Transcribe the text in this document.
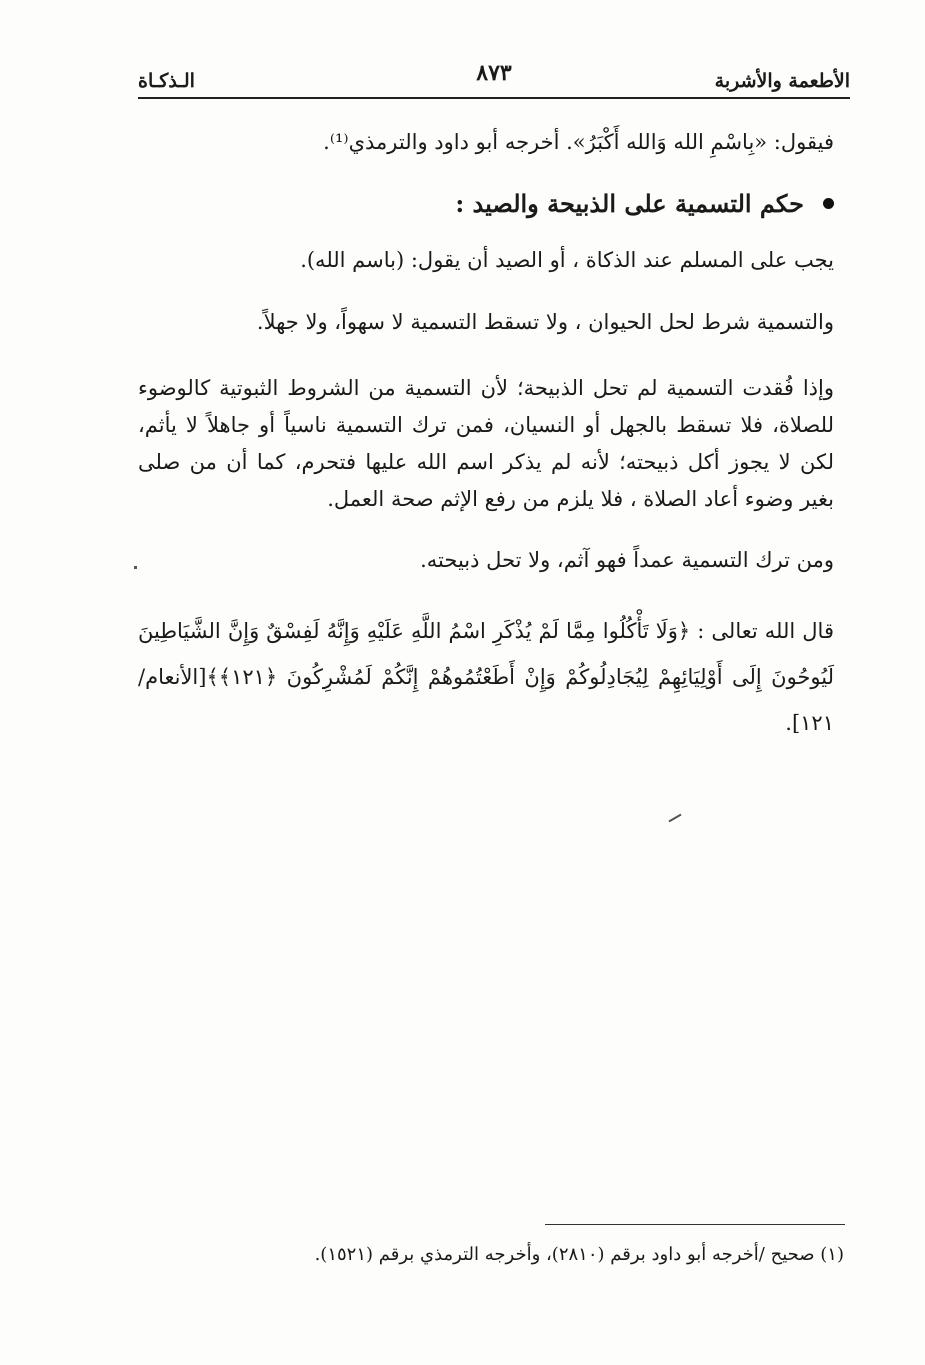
الأطعمة والأشربة
٨٧٣
الـذكـاة

فيقول: «بِاسْمِ الله وَالله أَكْبَرُ». أخرجه أبو داود والترمذي⁽¹⁾.

حكم التسمية على الذبيحة والصيد :

يجب على المسلم عند الذكاة ، أو الصيد أن يقول: (باسم الله).

والتسمية شرط لحل الحيوان ، ولا تسقط التسمية لا سهواً، ولا جهلاً.

وإذا فُقدت التسمية لم تحل الذبيحة؛ لأن التسمية من الشروط الثبوتية كالوضوء للصلاة، فلا تسقط بالجهل أو النسيان، فمن ترك التسمية ناسياً أو جاهلاً لا يأثم، لكن لا يجوز أكل ذبيحته؛ لأنه لم يذكر اسم الله عليها فتحرم، كما أن من صلى بغير وضوء أعاد الصلاة ، فلا يلزم من رفع الإثم صحة العمل.

ومن ترك التسمية عمداً فهو آثم، ولا تحل ذبيحته.

قال الله تعالى : ﴿وَلَا تَأْكُلُوا مِمَّا لَمْ يُذْكَرِ اسْمُ اللَّهِ عَلَيْهِ وَإِنَّهُ لَفِسْقٌ وَإِنَّ الشَّيَاطِينَ لَيُوحُونَ إِلَى أَوْلِيَائِهِمْ لِيُجَادِلُوكُمْ وَإِنْ أَطَعْتُمُوهُمْ إِنَّكُمْ لَمُشْرِكُونَ ﴿١٢١﴾﴾[الأنعام/١٢١].

(١) صحيح /أخرجه أبو داود برقم (٢٨١٠)، وأخرجه الترمذي برقم (١٥٢١).
